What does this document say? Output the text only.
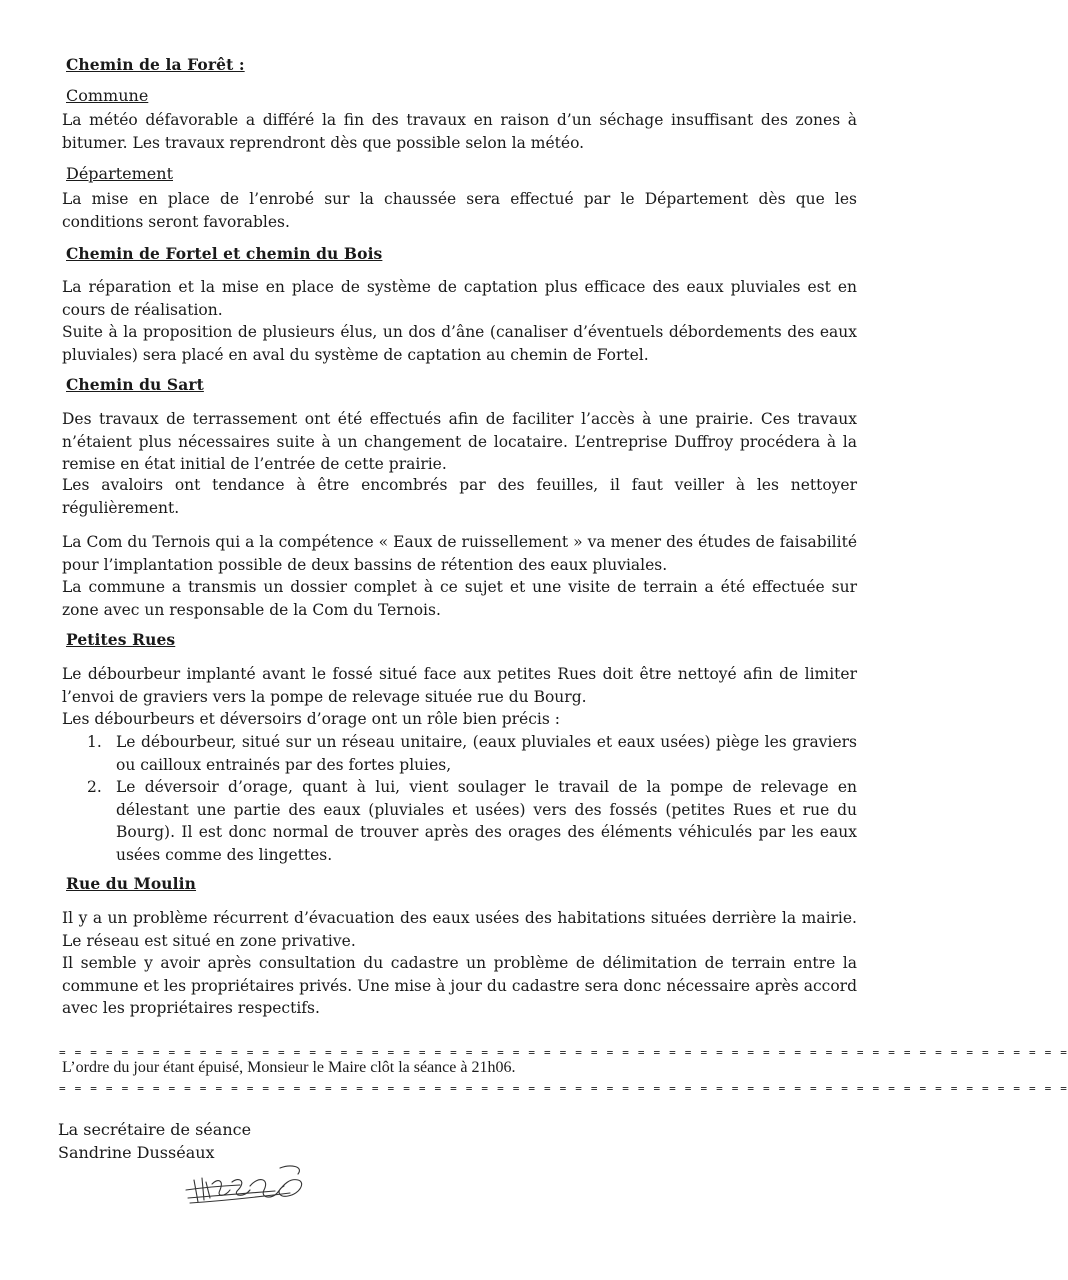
Chemin de la Forêt :
Commune

La météo défavorable a différé la fin des travaux en raison d’un séchage insuffisant des zones à bitumer. Les travaux reprendront dès que possible selon la météo.

Département

La mise en place de l’enrobé sur la chaussée sera effectué par le Département dès que les conditions seront favorables.

Chemin de Fortel et chemin du Bois

La réparation et la mise en place de système de captation plus efficace des eaux pluviales est en cours de réalisation.

Suite à la proposition de plusieurs élus, un dos d’âne (canaliser d’éventuels débordements des eaux pluviales) sera placé en aval du système de captation au chemin de Fortel.

Chemin du Sart

Des travaux de terrassement ont été effectués afin de faciliter l’accès à une prairie. Ces travaux n’étaient plus nécessaires suite à un changement de locataire. L’entreprise Duffroy procédera à la remise en état initial de l’entrée de cette prairie.

Les avaloirs ont tendance à être encombrés par des feuilles, il faut veiller à les nettoyer régulièrement.

La Com du Ternois qui a la compétence « Eaux de ruissellement » va mener des études de faisabilité pour l’implantation possible de deux bassins de rétention des eaux pluviales.

La commune a transmis un dossier complet à ce sujet et une visite de terrain a été effectuée sur zone avec un responsable de la Com du Ternois.

Petites Rues

Le débourbeur implanté avant le fossé situé face aux petites Rues doit être nettoyé afin de limiter l’envoi de graviers vers la pompe de relevage située rue du Bourg.

Les débourbeurs et déversoirs d’orage ont un rôle bien précis :

1. Le débourbeur, situé sur un réseau unitaire, (eaux pluviales et eaux usées) piège les graviers ou cailloux entrainés par des fortes pluies,
2. Le déversoir d’orage, quant à lui, vient soulager le travail de la pompe de relevage en délestant une partie des eaux (pluviales et usées) vers des fossés (petites Rues et rue du Bourg). Il est donc normal de trouver après des orages des éléments véhiculés par les eaux usées comme des lingettes.
Rue du Moulin

Il y a un problème récurrent d’évacuation des eaux usées des habitations situées derrière la mairie. Le réseau est situé en zone privative.

Il semble y avoir après consultation du cadastre un problème de délimitation de terrain entre la commune et les propriétaires privés. Une mise à jour du cadastre sera donc nécessaire après accord avec les propriétaires respectifs.

= = = = = = = = = = = = = = = = = = = = = = = = = = = = = = = = = = = = = = = = = = = = = = = = = = = = = = = = = = = = = = = = =
L’ordre du jour étant épuisé, Monsieur le Maire clôt la séance à 21h06.
= = = = = = = = = = = = = = = = = = = = = = = = = = = = = = = = = = = = = = = = = = = = = = = = = = = = = = = = = = = = = = = = =
La secrétaire de séance
Sandrine Dusséaux
